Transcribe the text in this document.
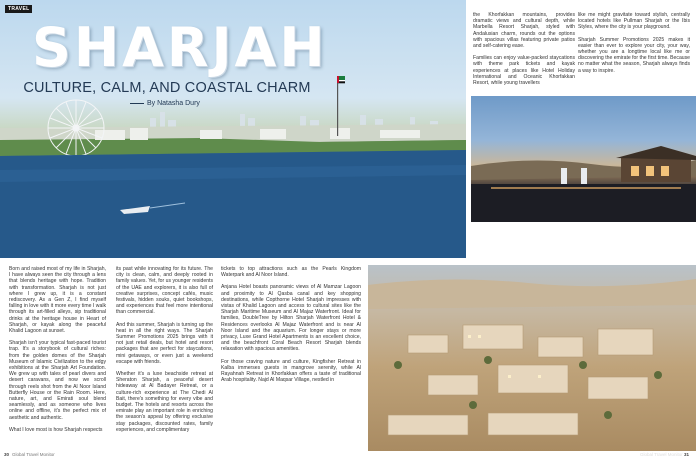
TRAVEL
SHARJAH
CULTURE, CALM, AND COASTAL CHARM
By Natasha Dury

Born and raised most of my life in Sharjah, I have always seen the city through a lens that blends heritage with hope. Tradition with transformation. Sharjah is not just where I grew up, it is a constant rediscovery. As a Gen Z, I find myself falling in love with it more every time I walk through its art-filled alleys, sip traditional drinks at the heritage house in Heart of Sharjah, or kayak along the peaceful Khalid Lagoon at sunset.

Sharjah isn't your typical fast-paced tourist trap. It's a storybook of cultural riches: from the golden domes of the Sharjah Museum of Islamic Civilization to the edgy exhibitions at the Sharjah Art Foundation. We grew up with tales of pearl divers and desert caravans, and now we scroll through reels shot from the Al Noor Island Butterfly House or the Rain Room. Here, nature, art, and Emirati soul blend seamlessly, and as someone who lives online and offline, it's the perfect mix of aesthetic and authentic.

What I love most is how Sharjah respects

its past while innovating for its future. The city is clean, calm, and deeply rooted in family values. Yet, for us younger residents of the UAE and explorers, it is also full of creative surprises, concept cafés, music festivals, hidden souks, quiet bookshops, and experiences that feel more intentional than commercial.

And this summer, Sharjah is turning up the heat in all the right ways. The Sharjah Summer Promotions 2025 brings with it not just retail deals, but hotel and resort packages that are perfect for staycations, mini getaways, or even just a weekend escape with friends.

Whether it's a luxe beachside retreat at Sheraton Sharjah, a peaceful desert hideaway at Al Badayer Retreat, or a culture-rich experience at The Chedi Al Bait, there's something for every vibe and budget. The hotels and resorts across the emirate play an important role in enriching the season's appeal by offering exclusive stay packages, discounted rates, family experiences, and complimentary

tickets to top attractions such as the Pearls Kingdom Waterpark and Al Noor Island.

Anjana Hotel boasts panoramic views of Al Mamzar Lagoon and proximity to Al Qasba canal and key shopping destinations, while Copthorne Hotel Sharjah impresses with vistas of Khalid Lagoon and access to cultural sites like the Sharjah Maritime Museum and Al Majaz Waterfront. Ideal for families, DoubleTree by Hilton Sharjah Waterfront Hotel & Residences overlooks Al Majaz Waterfront and is near Al Noor Island and the aquarium. For longer stays or more privacy, Luxe Grand Hotel Apartments is an excellent choice, and the beachfront Coral Beach Resort Sharjah blends relaxation with spacious amenities.

For those craving nature and culture, Kingfisher Retreat in Kalba immerses guests in mangrove serenity, while Al Rayahnah Retreat in Khorfakkan offers a taste of traditional Arab hospitality. Najd Al Maqsar Village, nestled in

the Khorfakkan mountains, provides dramatic views and cultural depth, while Marbella Resort Sharjah, styled with Andalusian charm, rounds out the options with spacious villas featuring private patios and self-catering ease.

Families can enjoy value-packed staycations with theme park tickets and kayak experiences at places like Hotel Holiday International and Oceanic Khorfakkan Resort, while young travellers

like me might gravitate toward stylish, centrally located hotels like Pullman Sharjah or the Ibis Styles, where the city is your playground.

Sharjah Summer Promotions 2025 makes it easier than ever to explore your city, your way, whether you are a longtime local like me or discovering the emirate for the first time. Because no matter what the season, Sharjah always finds a way to inspire.

30 Global Travel Monitor	Global Travel Monitor 31
